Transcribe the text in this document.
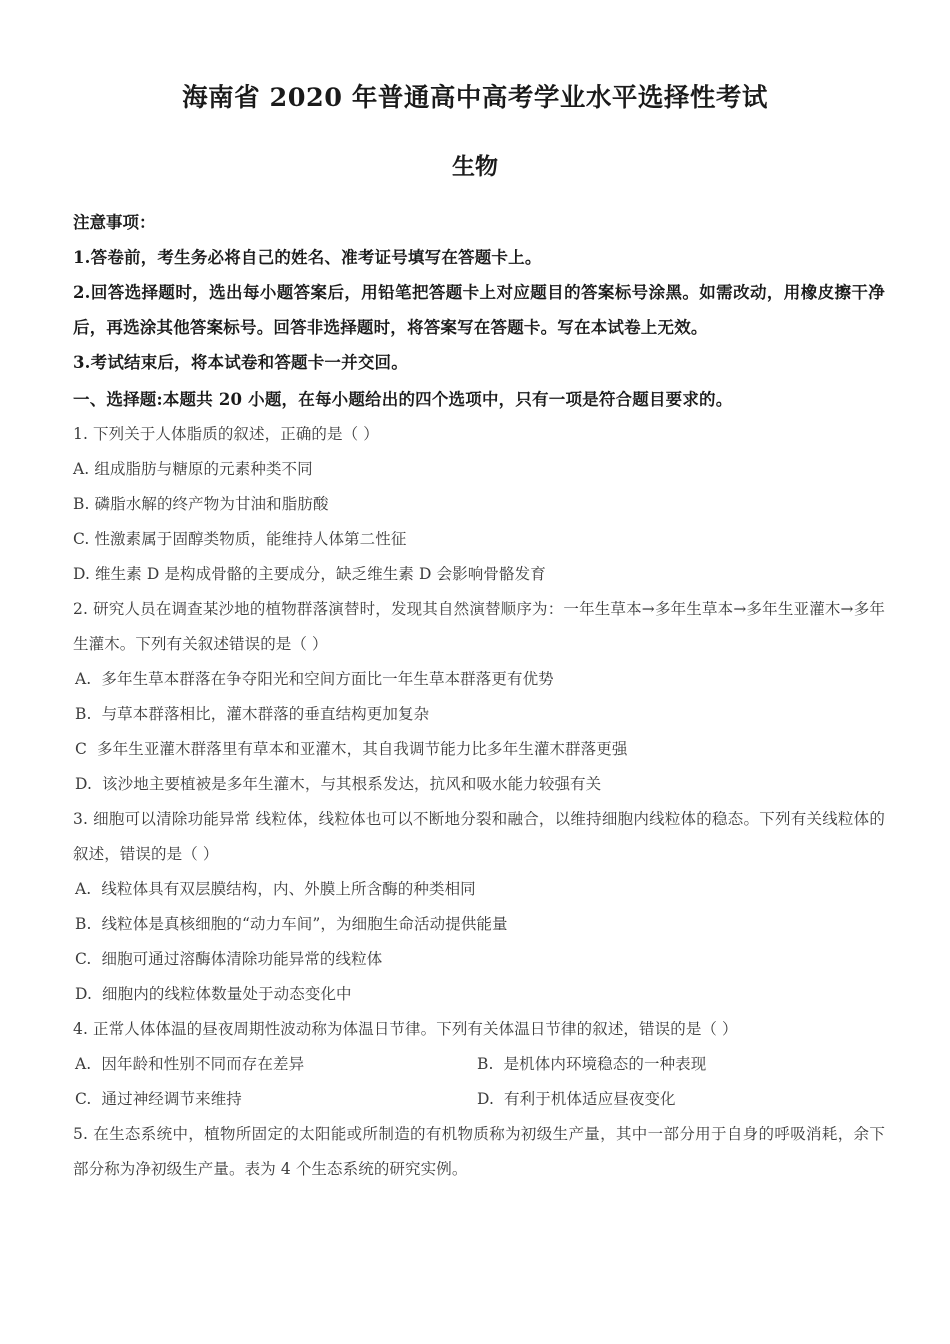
海南省 2020 年普通高中高考学业水平选择性考试
生物
注意事项：
1.答卷前，考生务必将自己的姓名、准考证号填写在答题卡上。
2.回答选择题时，选出每小题答案后，用铅笔把答题卡上对应题目的答案标号涂黑。如需改动，用橡皮擦干净后，再选涂其他答案标号。回答非选择题时，将答案写在答题卡。写在本试卷上无效。
3.考试结束后，将本试卷和答题卡一并交回。
一、选择题:本题共 20 小题，在每小题给出的四个选项中，只有一项是符合题目要求的。
1. 下列关于人体脂质的叙述，正确的是（ ）
A. 组成脂肪与糖原的元素种类不同
B. 磷脂水解的终产物为甘油和脂肪酸
C. 性激素属于固醇类物质，能维持人体第二性征
D. 维生素 D 是构成骨骼的主要成分，缺乏维生素 D 会影响骨骼发育
2. 研究人员在调查某沙地的植物群落演替时，发现其自然演替顺序为：一年生草本→多年生草本→多年生亚灌木→多年生灌木。下列有关叙述错误的是（ ）
A.  多年生草本群落在争夺阳光和空间方面比一年生草本群落更有优势
B.  与草本群落相比，灌木群落的垂直结构更加复杂
C  多年生亚灌木群落里有草本和亚灌木，其自我调节能力比多年生灌木群落更强
D.  该沙地主要植被是多年生灌木，与其根系发达，抗风和吸水能力较强有关
3. 细胞可以清除功能异常 线粒体，线粒体也可以不断地分裂和融合，以维持细胞内线粒体的稳态。下列有关线粒体的叙述，错误的是（ ）
A.  线粒体具有双层膜结构，内、外膜上所含酶的种类相同
B.  线粒体是真核细胞的“动力车间”，为细胞生命活动提供能量
C.  细胞可通过溶酶体清除功能异常的线粒体
D.  细胞内的线粒体数量处于动态变化中
4. 正常人体体温的昼夜周期性波动称为体温日节律。下列有关体温日节律的叙述，错误的是（ ）
A.  因年龄和性别不同而存在差异	B.  是机体内环境稳态的一种表现
C.  通过神经调节来维持	D.  有利于机体适应昼夜变化
5. 在生态系统中，植物所固定的太阳能或所制造的有机物质称为初级生产量，其中一部分用于自身的呼吸消耗，余下部分称为净初级生产量。表为 4 个生态系统的研究实例。
